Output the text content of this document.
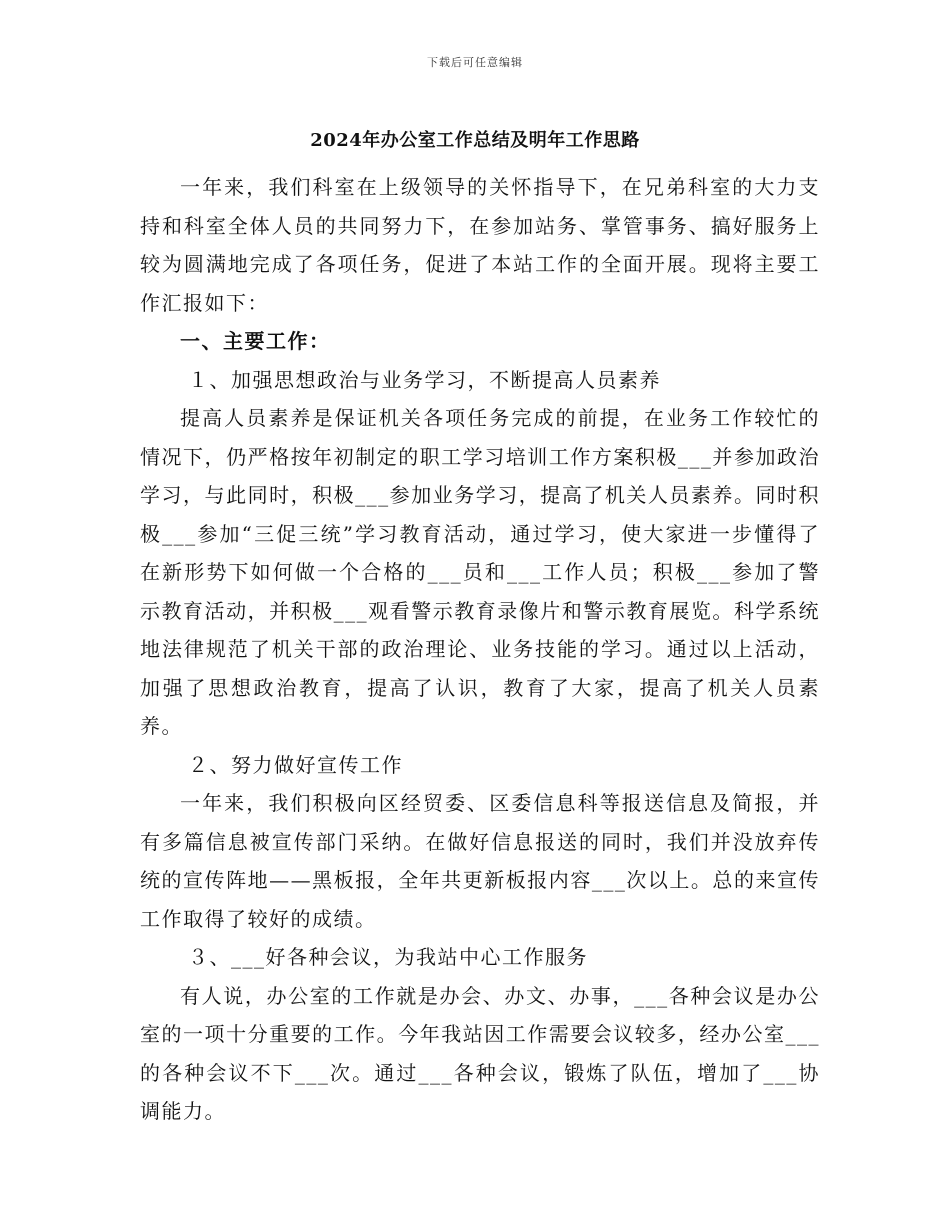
下载后可任意编辑
2024年办公室工作总结及明年工作思路

一年来，我们科室在上级领导的关怀指导下，在兄弟科室的大力支持和科室全体人员的共同努力下，在参加站务、掌管事务、搞好服务上较为圆满地完成了各项任务，促进了本站工作的全面开展。现将主要工作汇报如下：

一、主要工作：

１、加强思想政治与业务学习，不断提高人员素养

提高人员素养是保证机关各项任务完成的前提，在业务工作较忙的情况下，仍严格按年初制定的职工学习培训工作方案积极___并参加政治学习，与此同时，积极___参加业务学习，提高了机关人员素养。同时积极___参加“三促三统”学习教育活动，通过学习，使大家进一步懂得了在新形势下如何做一个合格的___员和___工作人员；积极___参加了警示教育活动，并积极___观看警示教育录像片和警示教育展览。科学系统地法律规范了机关干部的政治理论、业务技能的学习。通过以上活动，加强了思想政治教育，提高了认识，教育了大家，提高了机关人员素养。

２、努力做好宣传工作

一年来，我们积极向区经贸委、区委信息科等报送信息及简报，并有多篇信息被宣传部门采纳。在做好信息报送的同时，我们并没放弃传统的宣传阵地——黑板报，全年共更新板报内容___次以上。总的来宣传工作取得了较好的成绩。

３、___好各种会议，为我站中心工作服务

有人说，办公室的工作就是办会、办文、办事，___各种会议是办公室的一项十分重要的工作。今年我站因工作需要会议较多，经办公室___的各种会议不下___次。通过___各种会议，锻炼了队伍，增加了___协调能力。
